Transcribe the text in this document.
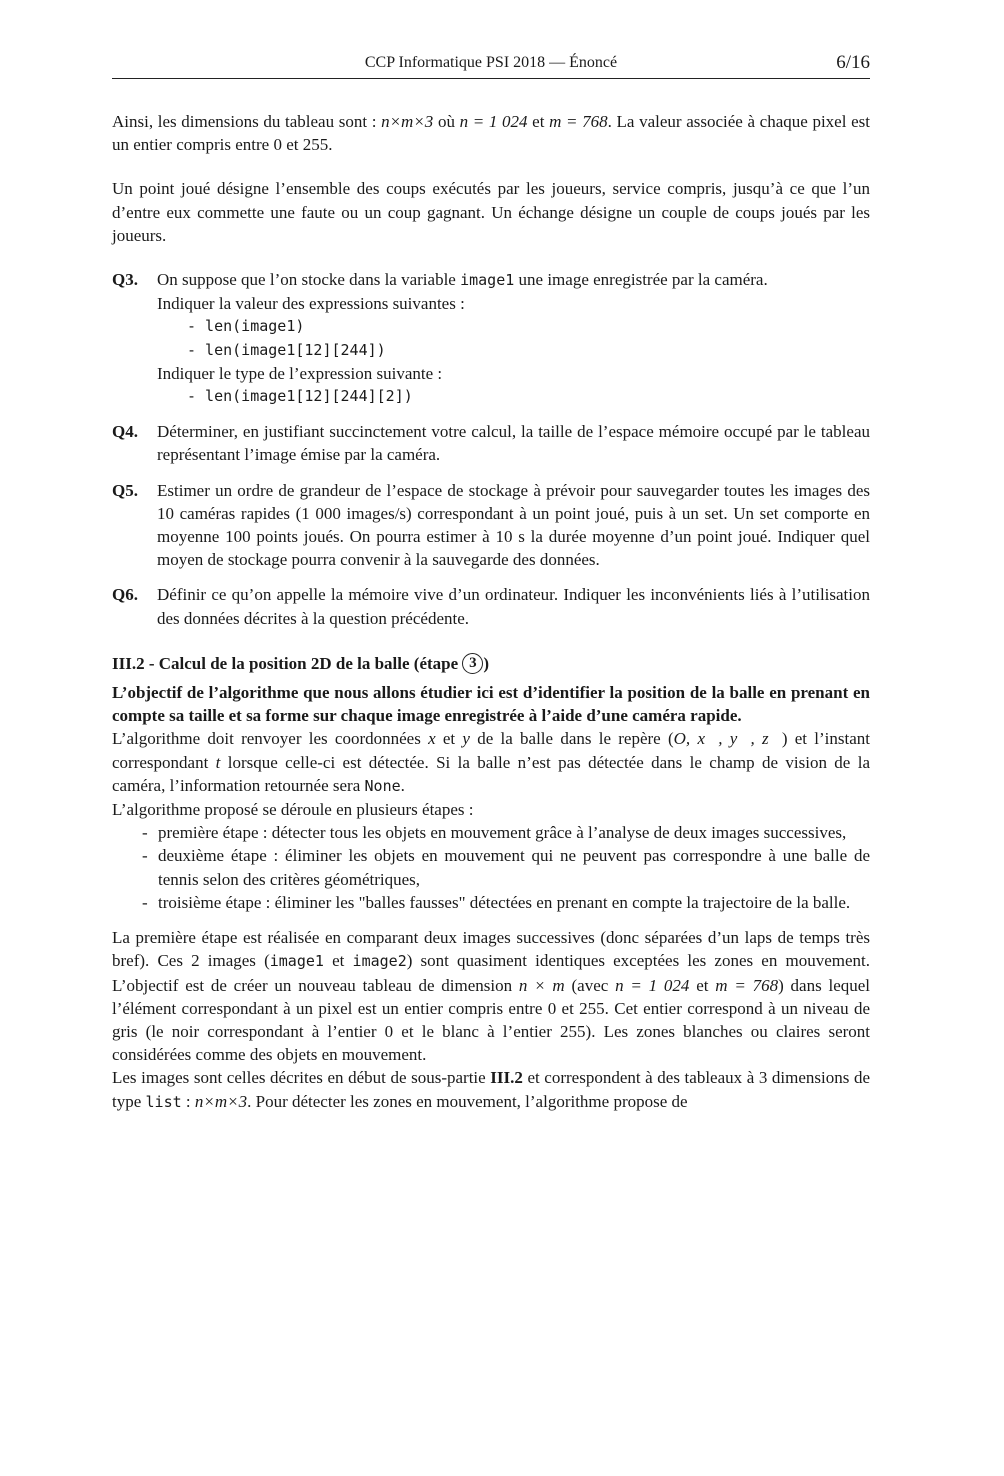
CCP Informatique PSI 2018 — Énoncé	6/16

Ainsi, les dimensions du tableau sont : n×m×3 où n = 1 024 et m = 768. La valeur associée à chaque pixel est un entier compris entre 0 et 255.

Un point joué désigne l’ensemble des coups exécutés par les joueurs, service compris, jusqu’à ce que l’un d’entre eux commette une faute ou un coup gagnant. Un échange désigne un couple de coups joués par les joueurs.

Q3. On suppose que l’on stocke dans la variable image1 une image enregistrée par la caméra.
Indiquer la valeur des expressions suivantes :
- len(image1)
- len(image1[12][244])
Indiquer le type de l’expression suivante :
- len(image1[12][244][2])
Q4. Déterminer, en justifiant succinctement votre calcul, la taille de l’espace mémoire occupé par le tableau représentant l’image émise par la caméra.

Q5. Estimer un ordre de grandeur de l’espace de stockage à prévoir pour sauvegarder toutes les images des 10 caméras rapides (1 000 images/s) correspondant à un point joué, puis à un set. Un set comporte en moyenne 100 points joués. On pourra estimer à 10 s la durée moyenne d’un point joué. Indiquer quel moyen de stockage pourra convenir à la sauvegarde des données.

Q6. Définir ce qu’on appelle la mémoire vive d’un ordinateur. Indiquer les inconvénients liés à l’utilisation des données décrites à la question précédente.

III.2 - Calcul de la position 2D de la balle (étape 3 )

L’objectif de l’algorithme que nous allons étudier ici est d’identifier la position de la balle en prenant en compte sa taille et sa forme sur chaque image enregistrée à l’aide d’une caméra rapide.

L’algorithme doit renvoyer les coordonnées x et y de la balle dans le repère (O, x⃗, y⃗, z⃗) et l’instant correspondant t lorsque celle-ci est détectée. Si la balle n’est pas détectée dans le champ de vision de la caméra, l’information retournée sera None.

L’algorithme proposé se déroule en plusieurs étapes :

- première étape : détecter tous les objets en mouvement grâce à l’analyse de deux images successives,
- deuxième étape : éliminer les objets en mouvement qui ne peuvent pas correspondre à une balle de tennis selon des critères géométriques,
- troisième étape : éliminer les "balles fausses" détectées en prenant en compte la trajectoire de la balle.

La première étape est réalisée en comparant deux images successives (donc séparées d’un laps de temps très bref). Ces 2 images (image1 et image2) sont quasiment identiques exceptées les zones en mouvement. L’objectif est de créer un nouveau tableau de dimension n × m (avec n = 1 024 et m = 768) dans lequel l’élément correspondant à un pixel est un entier compris entre 0 et 255. Cet entier correspond à un niveau de gris (le noir correspondant à l’entier 0 et le blanc à l’entier 255). Les zones blanches ou claires seront considérées comme des objets en mouvement.

Les images sont celles décrites en début de sous-partie III.2 et correspondent à des tableaux à 3 dimensions de type list : n×m×3. Pour détecter les zones en mouvement, l’algorithme propose de
